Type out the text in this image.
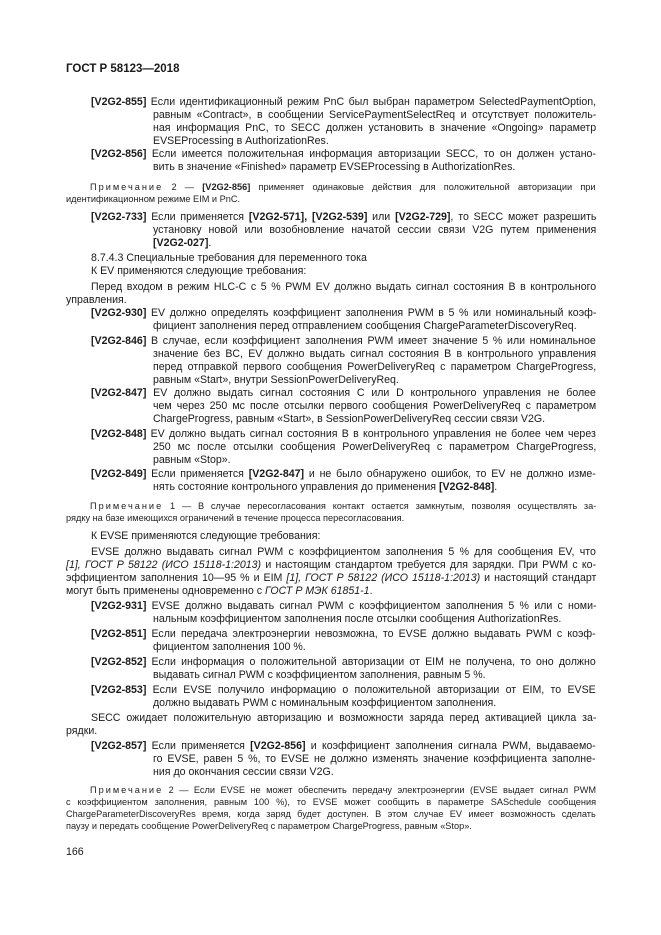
ГОСТ Р 58123—2018
[V2G2-855] Если идентификационный режим PnC был выбран параметром SelectedPaymentOption,
равным «Contract», в сообщении ServicePaymentSelectReq и отсутствует положитель-
ная информация PnC, то SECC должен установить в значение «Ongoing» параметр
EVSEProcessing в AuthorizationRes.
[V2G2-856] Если имеется положительная информация авторизации SECC, то он должен устано-
вить в значение «Finished» параметр EVSEProcessing в AuthorizationRes.
Примечание 2 — [V2G2-856] применяет одинаковые действия для положительной авторизации при
идентификационном режиме EIM и PnC.
[V2G2-733] Если применяется [V2G2-571], [V2G2-539] или [V2G2-729], то SECC может разрешить
установку новой или возобновление начатой сессии связи V2G путем применения
[V2G2-027].
8.7.4.3 Специальные требования для переменного тока
К EV применяются следующие требования:
Перед входом в режим HLC-C с 5 % PWM EV должно выдать сигнал состояния B в контрольного
управления.
[V2G2-930] EV должно определять коэффициент заполнения PWM в 5 % или номинальный коэф-
фициент заполнения перед отправлением сообщения ChargeParameterDiscoveryReq.
[V2G2-846] В случае, если коэффициент заполнения PWM имеет значение 5 % или номинальное
значение без BC, EV должно выдать сигнал состояния B в контрольного управления
перед отправкой первого сообщения PowerDeliveryReq с параметром ChargeProgress,
равным «Start», внутри SessionPowerDeliveryReq.
[V2G2-847] EV должно выдать сигнал состояния C или D контрольного управления не более
чем через 250 мс после отсылки первого сообщения PowerDeliveryReq с параметром
ChargeProgress, равным «Start», в SessionPowerDeliveryReq сессии связи V2G.
[V2G2-848] EV должно выдать сигнал состояния B в контрольного управления не более чем через
250 мс после отсылки сообщения PowerDeliveryReq с параметром ChargeProgress,
равным «Stop».
[V2G2-849] Если применяется [V2G2-847] и не было обнаружено ошибок, то EV не должно изме-
нять состояние контрольного управления до применения [V2G2-848].
Примечание 1 — В случае пересогласования контакт остается замкнутым, позволяя осуществлять за-
рядку на базе имеющихся ограничений в течение процесса пересогласования.
К EVSE применяются следующие требования:
EVSE должно выдавать сигнал PWM с коэффициентом заполнения 5 % для сообщения EV, что
[1], ГОСТ Р 58122 (ИСО 15118-1:2013) и настоящим стандартом требуется для зарядки. При PWM с ко-
эффициентом заполнения 10—95 % и EIM [1], ГОСТ Р 58122 (ИСО 15118-1:2013) и настоящий стандарт
могут быть применены одновременно с ГОСТ Р МЭК 61851-1.
[V2G2-931] EVSE должно выдавать сигнал PWM с коэффициентом заполнения 5 % или с номи-
нальным коэффициентом заполнения после отсылки сообщения AuthorizationRes.
[V2G2-851] Если передача электроэнергии невозможна, то EVSE должно выдавать PWM с коэф-
фициентом заполнения 100 %.
[V2G2-852] Если информация о положительной авторизации от EIM не получена, то оно должно
выдавать сигнал PWM с коэффициентом заполнения, равным 5 %.
[V2G2-853] Если EVSE получило информацию о положительной авторизации от EIM, то EVSE
должно выдавать PWM с номинальным коэффициентом заполнения.
SECC ожидает положительную авторизацию и возможности заряда перед активацией цикла за-
рядки.
[V2G2-857] Если применяется [V2G2-856] и коэффициент заполнения сигнала PWM, выдаваемо-
го EVSE, равен 5 %, то EVSE не должно изменять значение коэффициента заполне-
ния до окончания сессии связи V2G.
Примечание 2 — Если EVSE не может обеспечить передачу электроэнергии (EVSE выдает сигнал PWM
с коэффициентом заполнения, равным 100 %), то EVSE может сообщить в параметре SASchedule сообщения
ChargeParameterDiscoveryRes время, когда заряд будет доступен. В этом случае EV имеет возможность сделать
паузу и передать сообщение PowerDeliveryReq с параметром ChargeProgress, равным «Stop».
166
